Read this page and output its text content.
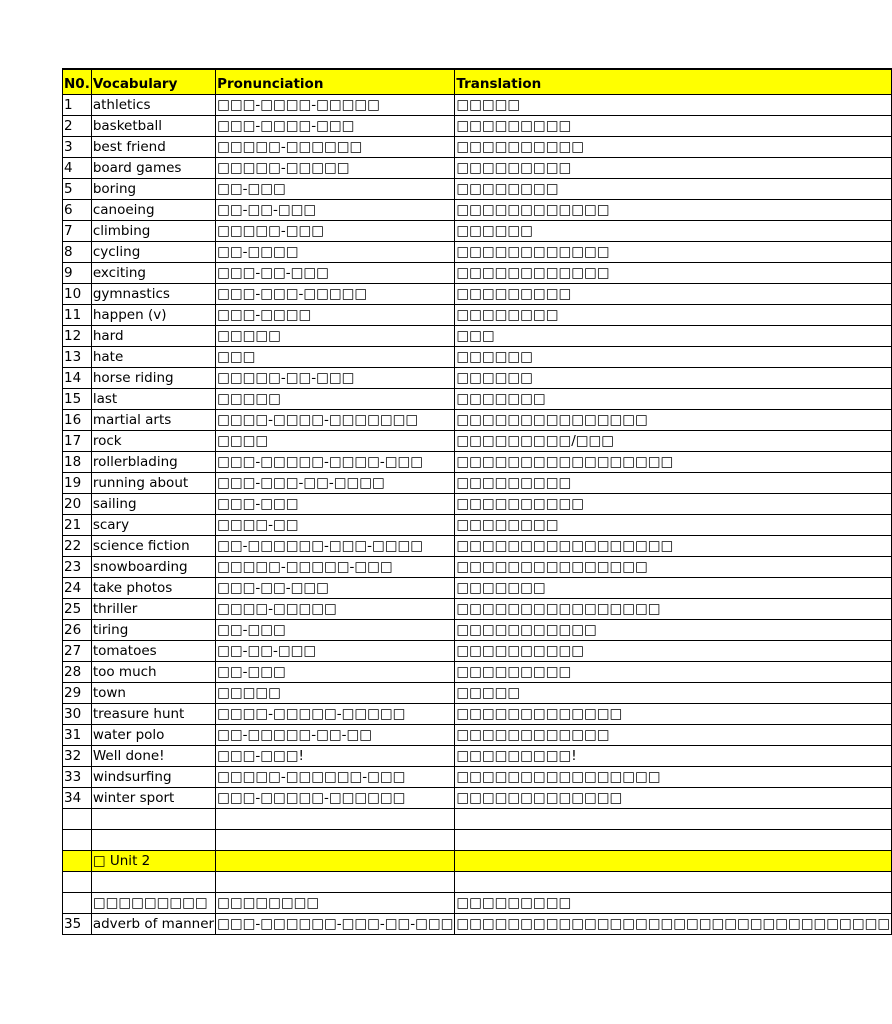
N0.	Vocabulary	Pronunciation	Translation
1	athletics	□□□-□□□□-□□□□□	□□□□□
2	basketball	□□□-□□□□-□□□	□□□□□□□□□
3	best friend	□□□□□-□□□□□□	□□□□□□□□□□
4	board games	□□□□□-□□□□□	□□□□□□□□□
5	boring	□□-□□□	□□□□□□□□
6	canoeing	□□-□□-□□□	□□□□□□□□□□□□
7	climbing	□□□□□-□□□	□□□□□□
8	cycling	□□-□□□□	□□□□□□□□□□□□
9	exciting	□□□-□□-□□□	□□□□□□□□□□□□
10	gymnastics	□□□-□□□-□□□□□	□□□□□□□□□
11	happen (v)	□□□-□□□□	□□□□□□□□
12	hard	□□□□□	□□□
13	hate	□□□	□□□□□□
14	horse riding	□□□□□-□□-□□□	□□□□□□
15	last	□□□□□	□□□□□□□
16	martial arts	□□□□-□□□□-□□□□□□□	□□□□□□□□□□□□□□□
17	rock	□□□□	□□□□□□□□□/□□□
18	rollerblading	□□□-□□□□□-□□□□-□□□	□□□□□□□□□□□□□□□□□
19	running about	□□□-□□□-□□-□□□□	□□□□□□□□□
20	sailing	□□□-□□□	□□□□□□□□□□
21	scary	□□□□-□□	□□□□□□□□
22	science fiction	□□-□□□□□□-□□□-□□□□	□□□□□□□□□□□□□□□□□
23	snowboarding	□□□□□-□□□□□-□□□	□□□□□□□□□□□□□□□
24	take photos	□□□-□□-□□□	□□□□□□□
25	thriller	□□□□-□□□□□	□□□□□□□□□□□□□□□□
26	tiring	□□-□□□	□□□□□□□□□□□
27	tomatoes	□□-□□-□□□	□□□□□□□□□□
28	too much	□□-□□□	□□□□□□□□□
29	town	□□□□□	□□□□□
30	treasure hunt	□□□□-□□□□□-□□□□□	□□□□□□□□□□□□□
31	water polo	□□-□□□□□-□□-□□	□□□□□□□□□□□□
32	Well done!	□□□-□□□!	□□□□□□□□□!
33	windsurfing	□□□□□-□□□□□□-□□□	□□□□□□□□□□□□□□□□
34	winter sport	□□□-□□□□□-□□□□□□	□□□□□□□□□□□□□

	□ Unit 2		

	□□□□□□□□□	□□□□□□□□	□□□□□□□□□
35	adverb of manner	□□□-□□□□□□-□□□-□□-□□□	□□□□□□□□□□□□□□□□□□□□□□□□□□□□□□□□□□
